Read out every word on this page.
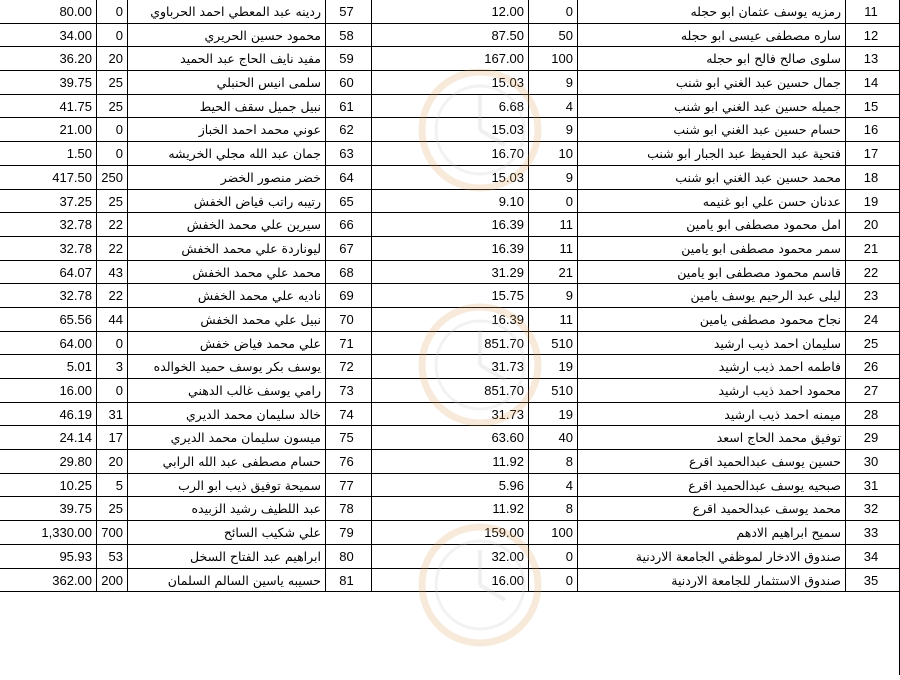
11
رمزيه يوسف عثمان ابو حجله
0
12.00
57
ردينه عبد المعطي احمد الحرباوي
0
80.00
12
ساره مصطفى عيسى ابو حجله
50
87.50
58
محمود حسين الحريري
0
34.00
13
سلوى صالح فالح ابو حجله
100
167.00
59
مفيد نايف الحاج عبد الحميد
20
36.20
14
جمال حسين عبد الغني ابو شنب
9
15.03
60
سلمى انيس الحنبلي
25
39.75
15
جميله حسين عبد الغني ابو شنب
4
6.68
61
نبيل جميل سقف الحيط
25
41.75
16
حسام حسين عبد الغني ابو شنب
9
15.03
62
عوني محمد احمد الخباز
0
21.00
17
فتحية عبد الحفيظ عبد الجبار ابو شنب
10
16.70
63
جمان عبد الله مجلي الخريشه
0
1.50
18
محمد حسين عبد الغني ابو شنب
9
15.03
64
خضر منصور الخضر
250
417.50
19
عدنان حسن علي ابو غنيمه
0
9.10
65
رتيبه راتب فياض الخفش
25
37.25
20
امل محمود مصطفى ابو يامين
11
16.39
66
سيرين علي محمد الخفش
22
32.78
21
سمر محمود مصطفى ابو يامين
11
16.39
67
ليوناردة علي محمد الخفش
22
32.78
22
قاسم محمود مصطفى ابو يامين
21
31.29
68
محمد علي محمد الخفش
43
64.07
23
ليلى عبد الرحيم يوسف يامين
9
15.75
69
ناديه علي محمد الخفش
22
32.78
24
نجاح محمود مصطفى يامين
11
16.39
70
نبيل علي محمد الخفش
44
65.56
25
سليمان احمد ذيب ارشيد
510
851.70
71
علي محمد فياض خفش
0
64.00
26
فاطمه احمد ذيب ارشيد
19
31.73
72
يوسف بكر يوسف حميد الخوالده
3
5.01
27
محمود احمد ذيب ارشيد
510
851.70
73
رامي يوسف غالب الدهني
0
16.00
28
ميمنه احمد ذيب ارشيد
19
31.73
74
خالد سليمان محمد الديري
31
46.19
29
توفيق محمد الحاج اسعد
40
63.60
75
ميسون سليمان محمد الديري
17
24.14
30
حسين يوسف عبدالحميد اقرع
8
11.92
76
حسام مصطفى عبد الله الرابي
20
29.80
31
صبحيه يوسف عبدالحميد اقرع
4
5.96
77
سميحة توفيق ذيب ابو الرب
5
10.25
32
محمد يوسف عبدالحميد اقرع
8
11.92
78
عبد اللطيف رشيد الزبيده
25
39.75
33
سميح ابراهيم الادهم
100
159.00
79
علي شكيب السائح
700
1,330.00
34
صندوق الادخار لموظفي الجامعة الاردنية
0
32.00
80
ابراهيم عبد الفتاح السخل
53
95.93
35
صندوق الاستثمار للجامعة الاردنية
0
16.00
81
حسيبه ياسين السالم السلمان
200
362.00
